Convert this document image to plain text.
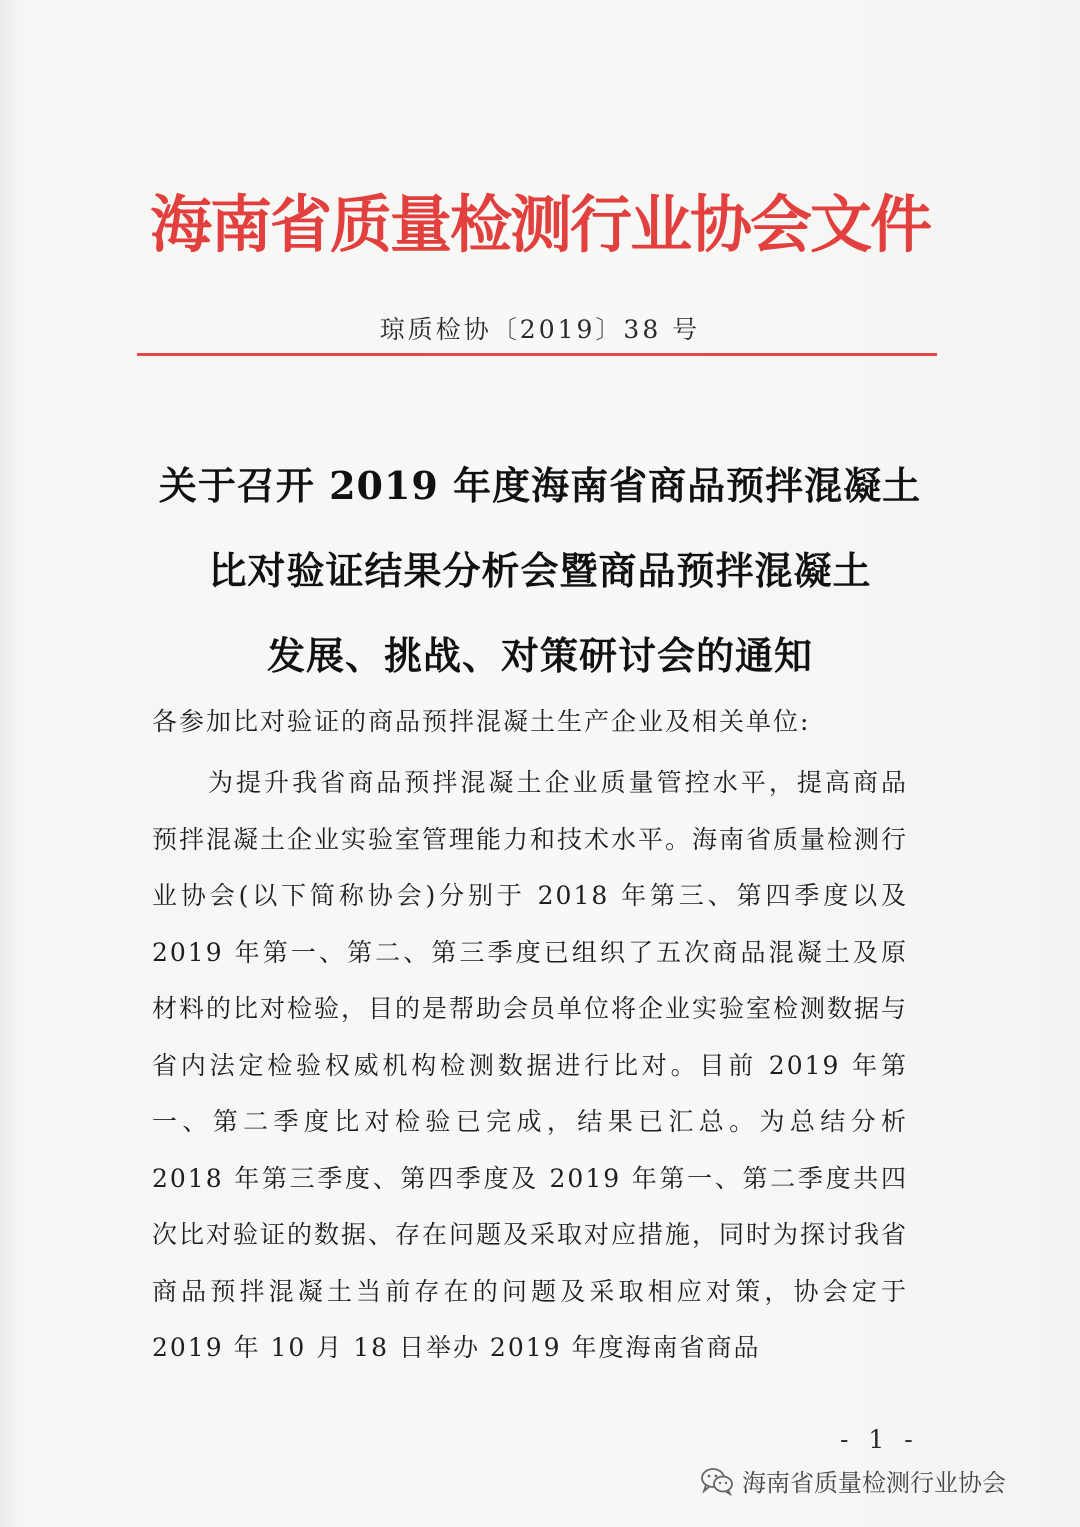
海南省质量检测行业协会文件
琼质检协〔2019〕38 号
关于召开 2019 年度海南省商品预拌混凝土
比对验证结果分析会暨商品预拌混凝土
发展、挑战、对策研讨会的通知
各参加比对验证的商品预拌混凝土生产企业及相关单位:
为提升我省商品预拌混凝土企业质量管控水平，提高商品预拌混凝土企业实验室管理能力和技术水平。海南省质量检测行业协会(以下简称协会)分别于 2018 年第三、第四季度以及 2019 年第一、第二、第三季度已组织了五次商品混凝土及原材料的比对检验，目的是帮助会员单位将企业实验室检测数据与省内法定检验权威机构检测数据进行比对。目前 2019 年第一、第二季度比对检验已完成，结果已汇总。为总结分析 2018 年第三季度、第四季度及 2019 年第一、第二季度共四次比对验证的数据、存在问题及采取对应措施，同时为探讨我省商品预拌混凝土当前存在的问题及采取相应对策，协会定于 2019 年 10 月 18 日举办 2019 年度海南省商品
- 1 -
海南省质量检测行业协会
